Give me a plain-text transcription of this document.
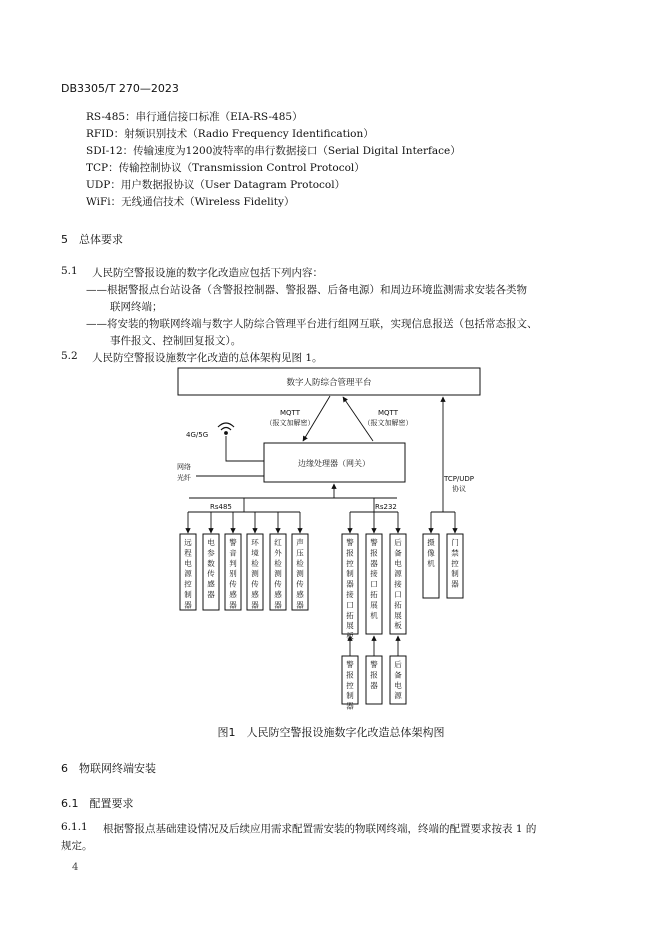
DB3305/T 270—2023
RS-485：串行通信接口标准（EIA-RS-485）
RFID：射频识别技术（Radio Frequency Identification）
SDI-12：传输速度为1200波特率的串行数据接口（Serial Digital Interface）
TCP：传输控制协议（Transmission Control Protocol）
UDP：用户数据报协议（User Datagram Protocol）
WiFi：无线通信技术（Wireless Fidelity）
5　总体要求
5.1 人民防空警报设施的数字化改造应包括下列内容：
——根据警报点台站设备（含警报控制器、警报器、后备电源）和周边环境监测需求安装各类物
联网终端；
——将安装的物联网终端与数字人防综合管理平台进行组网互联，实现信息报送（包括常态报文、
事件报文、控制回复报文）。
5.2 人民防空警报设施数字化改造的总体架构见图 1。
数字人防综合管理平台
MQTT
（报文加解密）
MQTT
（报文加解密）
边缘处理器（网关）
4G/5G
网络
光纤
Rs485	Rs232
远程电源控制器
电参数传感器
警音判别传感器
环境检测传感器
红外检测传感器
声压检测传感器
警报控制器接口拓展板
警报器接口拓展机
后备电源接口拓展板
警报控制器
警报器
后备电源
TCP/UDP
协议
摄像机
门禁控制器
图1　人民防空警报设施数字化改造总体架构图
6　物联网终端安装
6.1　配置要求
6.1.1 根据警报点基础建设情况及后续应用需求配置需安装的物联网终端，终端的配置要求按表 1 的
规定。
4
